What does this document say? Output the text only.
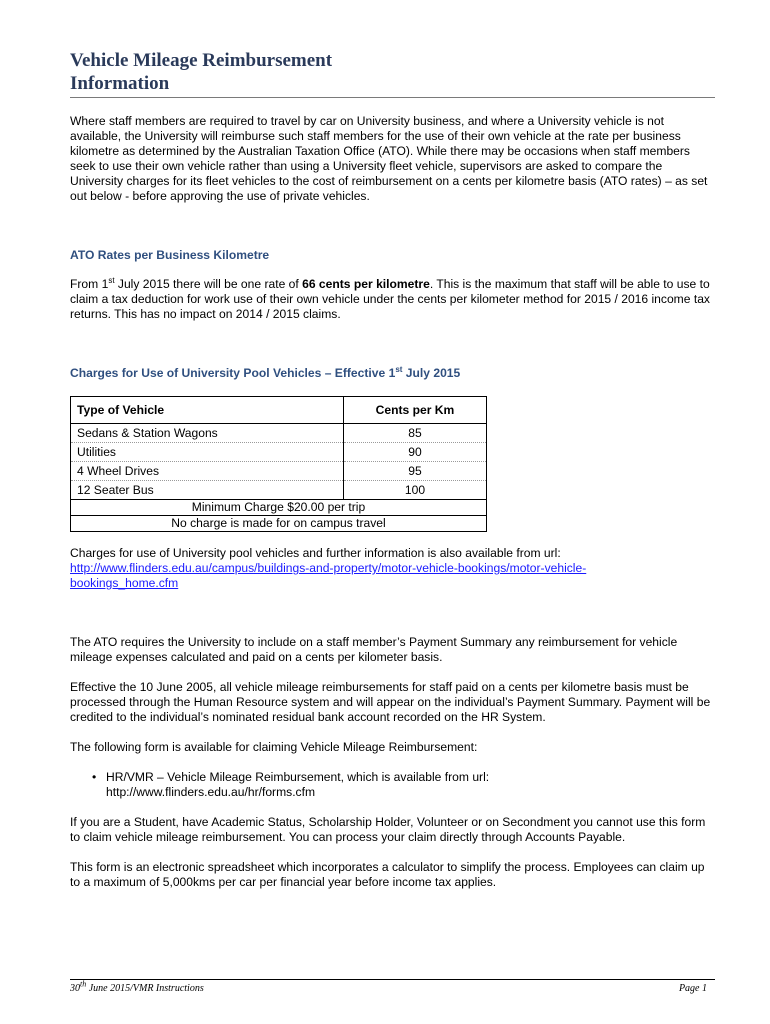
Vehicle Mileage Reimbursement
Information
Where staff members are required to travel by car on University business, and where a University vehicle is not available, the University will reimburse such staff members for the use of their own vehicle at the rate per business kilometre as determined by the Australian Taxation Office (ATO). While there may be occasions when staff members seek to use their own vehicle rather than using a University fleet vehicle, supervisors are asked to compare the University charges for its fleet vehicles to the cost of reimbursement on a cents per kilometre basis (ATO rates) – as set out below - before approving the use of private vehicles.
ATO Rates per Business Kilometre
From 1st July 2015 there will be one rate of 66 cents per kilometre. This is the maximum that staff will be able to use to claim a tax deduction for work use of their own vehicle under the cents per kilometer method for 2015 / 2016 income tax returns. This has no impact on 2014 / 2015 claims.
Charges for Use of University Pool Vehicles – Effective 1st July 2015
Type of Vehicle	Cents per Km
Sedans & Station Wagons	85
Utilities	90
4 Wheel Drives	95
12 Seater Bus	100
Minimum Charge $20.00 per trip	
No charge is made for on campus travel	
Charges for use of University pool vehicles and further information is also available from url:
http://www.flinders.edu.au/campus/buildings-and-property/motor-vehicle-bookings/motor-vehicle-
bookings_home.cfm
The ATO requires the University to include on a staff member’s Payment Summary any reimbursement for vehicle mileage expenses calculated and paid on a cents per kilometer basis.
Effective the 10 June 2005, all vehicle mileage reimbursements for staff paid on a cents per kilometre basis must be processed through the Human Resource system and will appear on the individual’s Payment Summary. Payment will be credited to the individual’s nominated residual bank account recorded on the HR System.
The following form is available for claiming Vehicle Mileage Reimbursement:
• HR/VMR – Vehicle Mileage Reimbursement, which is available from url:
http://www.flinders.edu.au/hr/forms.cfm
If you are a Student, have Academic Status, Scholarship Holder, Volunteer or on Secondment you cannot use this form to claim vehicle mileage reimbursement. You can process your claim directly through Accounts Payable.
This form is an electronic spreadsheet which incorporates a calculator to simplify the process. Employees can claim up to a maximum of 5,000kms per car per financial year before income tax applies.
30th June 2015/VMR Instructions	Page 1
